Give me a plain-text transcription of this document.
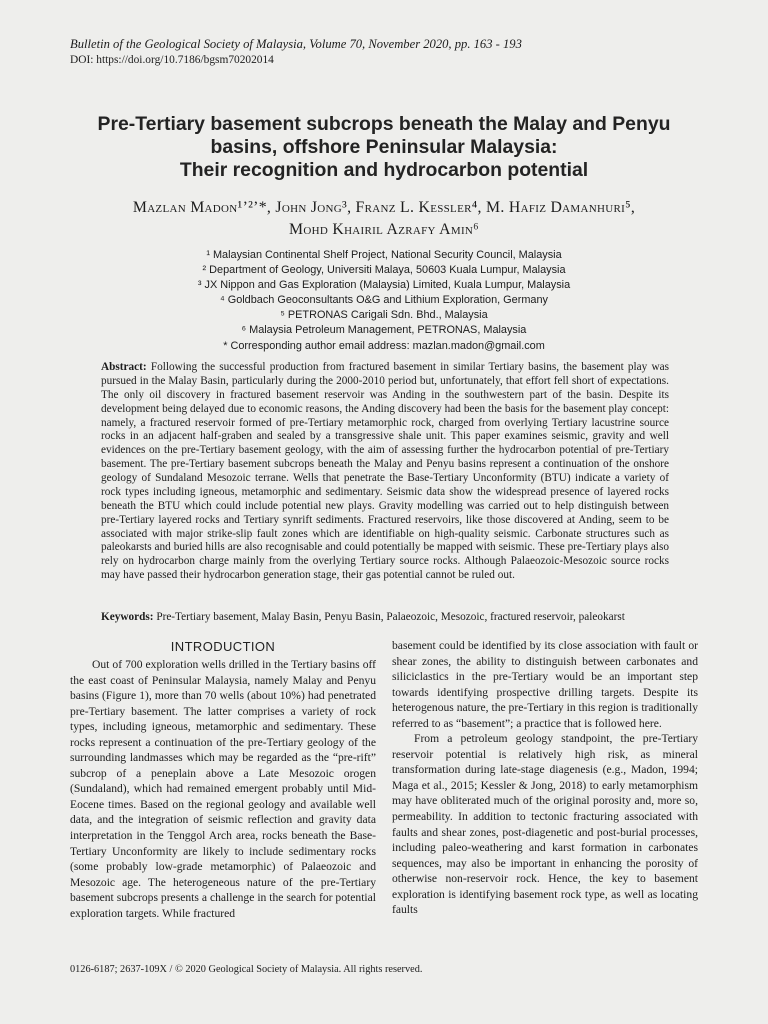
Bulletin of the Geological Society of Malaysia, Volume 70, November 2020, pp. 163 - 193
DOI: https://doi.org/10.7186/bgsm70202014
Pre-Tertiary basement subcrops beneath the Malay and Penyu
basins, offshore Peninsular Malaysia:
Their recognition and hydrocarbon potential
Mazlan Madon¹ʼ²ʼ*, John Jong³, Franz L. Kessler⁴, M. Hafiz Damanhuri⁵,
Mohd Khairil Azrafy Amin⁶
¹ Malaysian Continental Shelf Project, National Security Council, Malaysia
² Department of Geology, Universiti Malaya, 50603 Kuala Lumpur, Malaysia
³ JX Nippon and Gas Exploration (Malaysia) Limited, Kuala Lumpur, Malaysia
⁴ Goldbach Geoconsultants O&G and Lithium Exploration, Germany
⁵ PETRONAS Carigali Sdn. Bhd., Malaysia
⁶ Malaysia Petroleum Management, PETRONAS, Malaysia
* Corresponding author email address: mazlan.madon@gmail.com
Abstract: Following the successful production from fractured basement in similar Tertiary basins, the basement play was pursued in the Malay Basin, particularly during the 2000-2010 period but, unfortunately, that effort fell short of expectations. The only oil discovery in fractured basement reservoir was Anding in the southwestern part of the basin. Despite its development being delayed due to economic reasons, the Anding discovery had been the basis for the basement play concept: namely, a fractured reservoir formed of pre-Tertiary metamorphic rock, charged from overlying Tertiary lacustrine source rocks in an adjacent half-graben and sealed by a transgressive shale unit. This paper examines seismic, gravity and well evidences on the pre-Tertiary basement geology, with the aim of assessing further the hydrocarbon potential of pre-Tertiary basement. The pre-Tertiary basement subcrops beneath the Malay and Penyu basins represent a continuation of the onshore geology of Sundaland Mesozoic terrane. Wells that penetrate the Base-Tertiary Unconformity (BTU) indicate a variety of rock types including igneous, metamorphic and sedimentary. Seismic data show the widespread presence of layered rocks beneath the BTU which could include potential new plays. Gravity modelling was carried out to help distinguish between pre-Tertiary layered rocks and Tertiary synrift sediments. Fractured reservoirs, like those discovered at Anding, seem to be associated with major strike-slip fault zones which are identifiable on high-quality seismic. Carbonate structures such as paleokarsts and buried hills are also recognisable and could potentially be mapped with seismic. These pre-Tertiary plays also rely on hydrocarbon charge mainly from the overlying Tertiary source rocks. Although Palaeozoic-Mesozoic source rocks may have passed their hydrocarbon generation stage, their gas potential cannot be ruled out.
Keywords: Pre-Tertiary basement, Malay Basin, Penyu Basin, Palaeozoic, Mesozoic, fractured reservoir, paleokarst
INTRODUCTION

Out of 700 exploration wells drilled in the Tertiary basins off the east coast of Peninsular Malaysia, namely Malay and Penyu basins (Figure 1), more than 70 wells (about 10%) had penetrated pre-Tertiary basement. The latter comprises a variety of rock types, including igneous, metamorphic and sedimentary. These rocks represent a continuation of the pre-Tertiary geology of the surrounding landmasses which may be regarded as the “pre-rift” subcrop of a peneplain above a Late Mesozoic orogen (Sundaland), which had remained emergent probably until Mid-Eocene times. Based on the regional geology and available well data, and the integration of seismic reflection and gravity data interpretation in the Tenggol Arch area, rocks beneath the Base-Tertiary Unconformity are likely to include sedimentary rocks (some probably low-grade metamorphic) of Palaeozoic and Mesozoic age. The heterogeneous nature of the pre-Tertiary basement subcrops presents a challenge in the search for potential exploration targets. While fractured

basement could be identified by its close association with fault or shear zones, the ability to distinguish between carbonates and siliciclastics in the pre-Tertiary would be an important step towards identifying prospective drilling targets. Despite its heterogenous nature, the pre-Tertiary in this region is traditionally referred to as “basement”; a practice that is followed here.

From a petroleum geology standpoint, the pre-Tertiary reservoir potential is relatively high risk, as mineral transformation during late-stage diagenesis (e.g., Madon, 1994; Maga et al., 2015; Kessler & Jong, 2018) to early metamorphism may have obliterated much of the original porosity and, more so, permeability. In addition to tectonic fracturing associated with faults and shear zones, post-diagenetic and post-burial processes, including paleo-weathering and karst formation in carbonates sequences, may also be important in enhancing the porosity of otherwise non-reservoir rock. Hence, the key to basement exploration is identifying basement rock type, as well as locating faults

0126-6187; 2637-109X / © 2020 Geological Society of Malaysia. All rights reserved.
